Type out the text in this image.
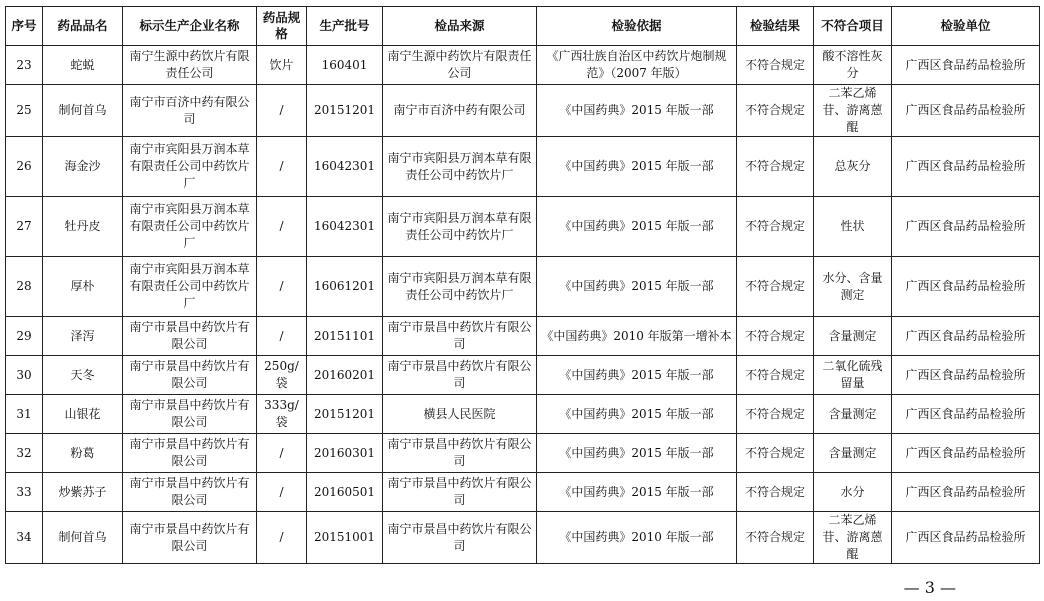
序号	药品品名	标示生产企业名称	药品规格	生产批号	检品来源	检验依据	检验结果	不符合项目	检验单位
23	蛇蜕	南宁生源中药饮片有限责任公司	饮片	160401	南宁生源中药饮片有限责任公司	《广西壮族自治区中药饮片炮制规范》（2007 年版）	不符合规定	酸不溶性灰分	广西区食品药品检验所
25	制何首乌	南宁市百济中药有限公司	/	20151201	南宁市百济中药有限公司	《中国药典》2015 年版一部	不符合规定	二苯乙烯苷、游离蒽醌	广西区食品药品检验所
26	海金沙	南宁市宾阳县万润本草有限责任公司中药饮片厂	/	16042301	南宁市宾阳县万润本草有限责任公司中药饮片厂	《中国药典》2015 年版一部	不符合规定	总灰分	广西区食品药品检验所
27	牡丹皮	南宁市宾阳县万润本草有限责任公司中药饮片厂	/	16042301	南宁市宾阳县万润本草有限责任公司中药饮片厂	《中国药典》2015 年版一部	不符合规定	性状	广西区食品药品检验所
28	厚朴	南宁市宾阳县万润本草有限责任公司中药饮片厂	/	16061201	南宁市宾阳县万润本草有限责任公司中药饮片厂	《中国药典》2015 年版一部	不符合规定	水分、含量测定	广西区食品药品检验所
29	泽泻	南宁市景昌中药饮片有限公司	/	20151101	南宁市景昌中药饮片有限公司	《中国药典》2010 年版第一增补本	不符合规定	含量测定	广西区食品药品检验所
30	天冬	南宁市景昌中药饮片有限公司	250g/袋	20160201	南宁市景昌中药饮片有限公司	《中国药典》2015 年版一部	不符合规定	二氧化硫残留量	广西区食品药品检验所
31	山银花	南宁市景昌中药饮片有限公司	333g/袋	20151201	横县人民医院	《中国药典》2015 年版一部	不符合规定	含量测定	广西区食品药品检验所
32	粉葛	南宁市景昌中药饮片有限公司	/	20160301	南宁市景昌中药饮片有限公司	《中国药典》2015 年版一部	不符合规定	含量测定	广西区食品药品检验所
33	炒紫苏子	南宁市景昌中药饮片有限公司	/	20160501	南宁市景昌中药饮片有限公司	《中国药典》2015 年版一部	不符合规定	水分	广西区食品药品检验所
34	制何首乌	南宁市景昌中药饮片有限公司	/	20151001	南宁市景昌中药饮片有限公司	《中国药典》2010 年版一部	不符合规定	二苯乙烯苷、游离蒽醌	广西区食品药品检验所
— 3 —
